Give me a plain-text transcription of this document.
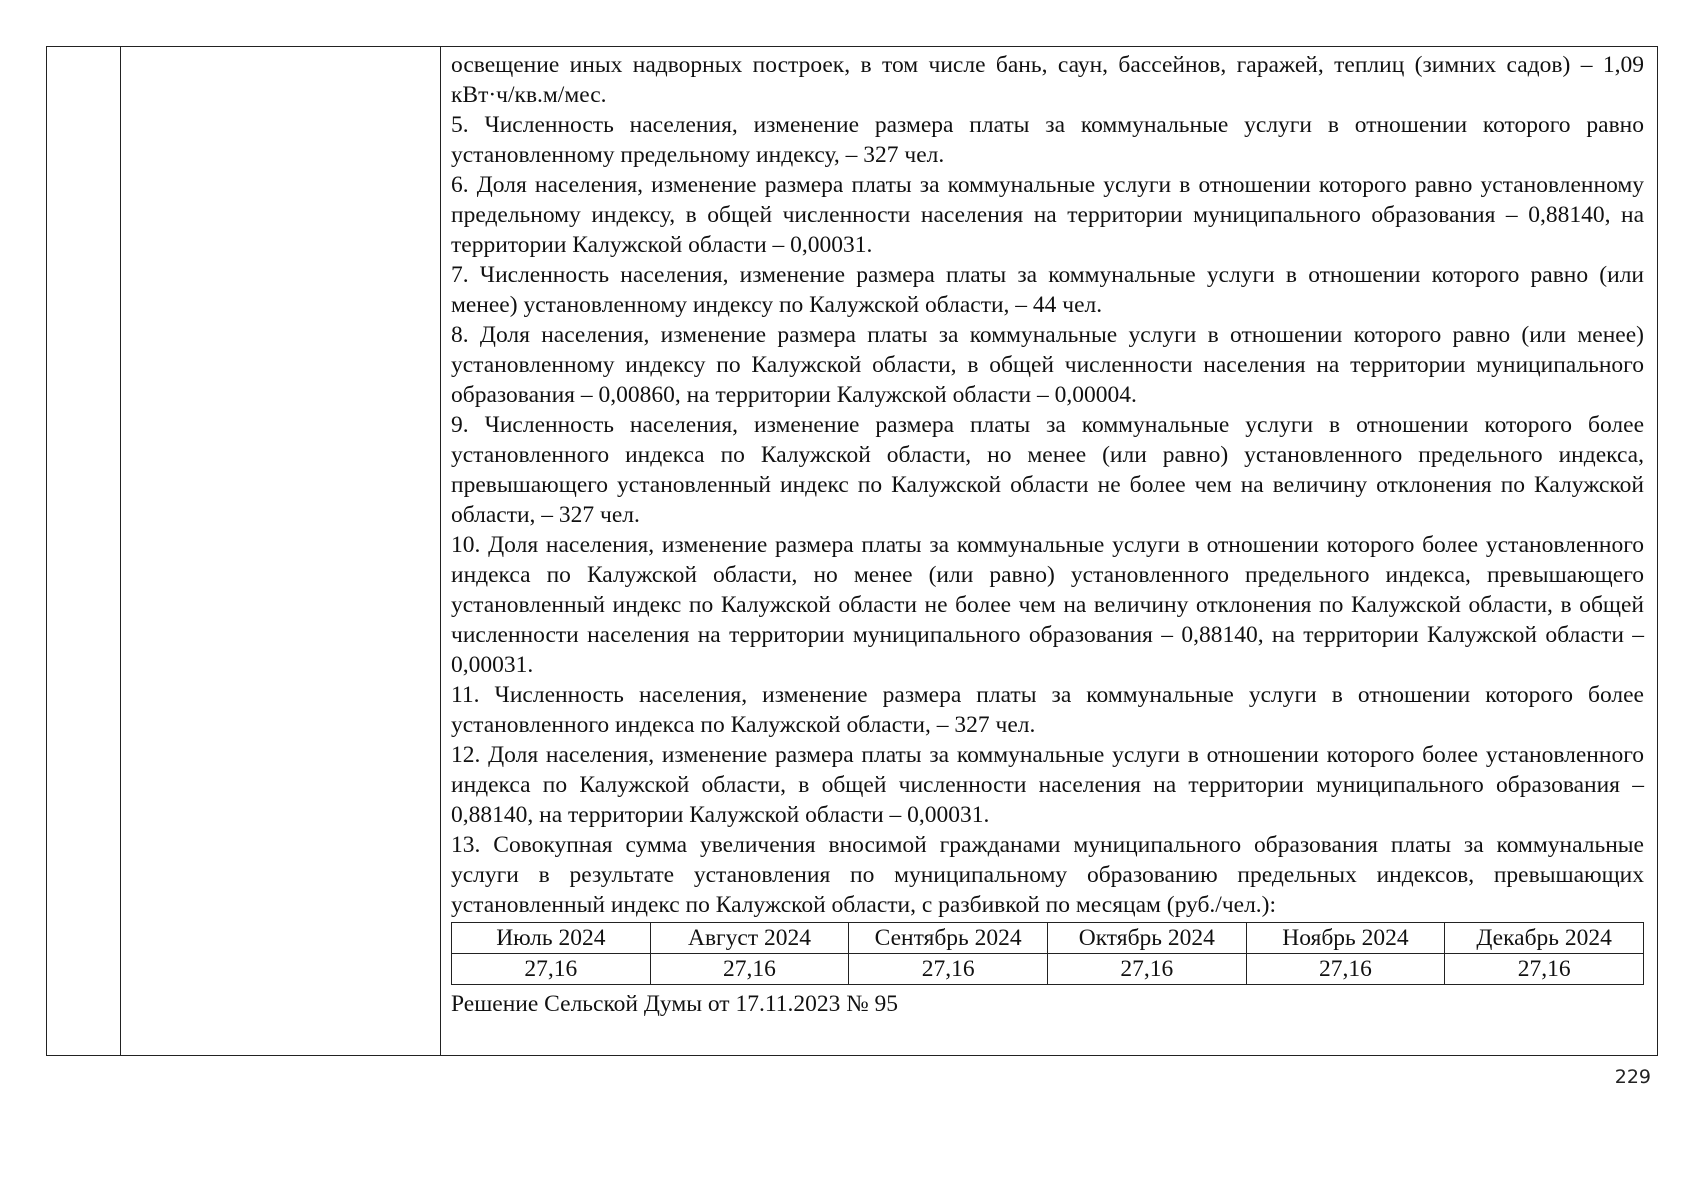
освещение иных надворных построек, в том числе бань, саун, бассейнов, гаражей, теплиц (зимних садов) – 1,09 кВт·ч/кв.м/мес.

5. Численность населения, изменение размера платы за коммунальные услуги в отношении которого равно установленному предельному индексу, – 327 чел.

6. Доля населения, изменение размера платы за коммунальные услуги в отношении которого равно установленному предельному индексу, в общей численности населения на территории муниципального образования – 0,88140, на территории Калужской области – 0,00031.

7. Численность населения, изменение размера платы за коммунальные услуги в отношении которого равно (или менее) установленному индексу по Калужской области, – 44 чел.

8. Доля населения, изменение размера платы за коммунальные услуги в отношении которого равно (или менее) установленному индексу по Калужской области, в общей численности населения на территории муниципального образования – 0,00860, на территории Калужской области – 0,00004.

9. Численность населения, изменение размера платы за коммунальные услуги в отношении которого более установленного индекса по Калужской области, но менее (или равно) установленного предельного индекса, превышающего установленный индекс по Калужской области не более чем на величину отклонения по Калужской области, – 327 чел.

10. Доля населения, изменение размера платы за коммунальные услуги в отношении которого более установленного индекса по Калужской области, но менее (или равно) установленного предельного индекса, превышающего установленный индекс по Калужской области не более чем на величину отклонения по Калужской области, в общей численности населения на территории муниципального образования – 0,88140, на территории Калужской области – 0,00031.

11. Численность населения, изменение размера платы за коммунальные услуги в отношении которого более установленного индекса по Калужской области, – 327 чел.

12. Доля населения, изменение размера платы за коммунальные услуги в отношении которого более установленного индекса по Калужской области, в общей численности населения на территории муниципального образования – 0,88140, на территории Калужской области – 0,00031.

13. Совокупная сумма увеличения вносимой гражданами муниципального образования платы за коммунальные услуги в результате установления по муниципальному образованию предельных индексов, превышающих установленный индекс по Калужской области, с разбивкой по месяцам (руб./чел.):

Июль 2024	Август 2024	Сентябрь 2024	Октябрь 2024	Ноябрь 2024	Декабрь 2024
27,16	27,16	27,16	27,16	27,16	27,16

Решение Сельской Думы от 17.11.2023 № 95

229
